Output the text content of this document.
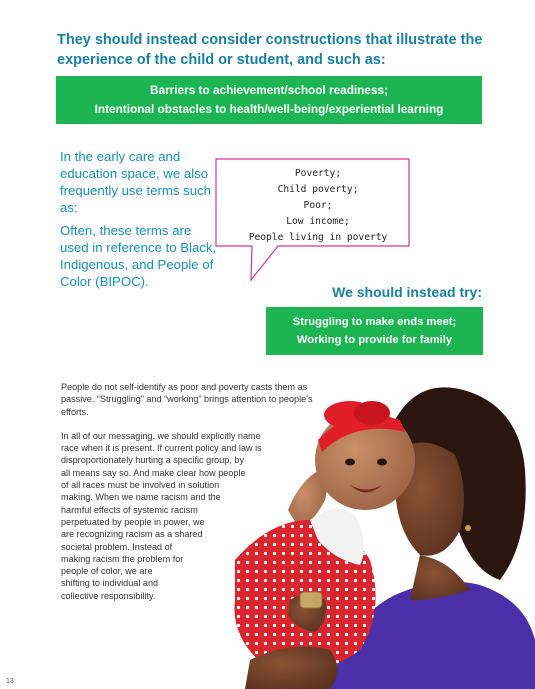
They should instead consider constructions that illustrate the experience of the child or student, and such as:
Barriers to achievement/school readiness;
Intentional obstacles to health/well-being/experiential learning

In the early care and education space, we also frequently use terms such as:

Often, these terms are used in reference to Black, Indigenous, and People of Color (BIPOC).

Poverty;
Child poverty;
Poor;
Low income;
People living in poverty
We should instead try:
Struggling to make ends meet;
Working to provide for family

People do not self-identify as poor and poverty casts them as passive. “Struggling” and “working” brings attention to people’s efforts.

In all of our messaging, we should explicitly name
race when it is present. If current policy and law is
disproportionately hurting a specific group, by
all means say so. And make clear how people
of all races must be involved in solution
making. When we name racism and the
harmful effects of systemic racism
perpetuated by people in power, we
are recognizing racism as a shared
societal problem. Instead of
making racism the problem for
people of color, we are
shifting to individual and
collective responsibility.

13
